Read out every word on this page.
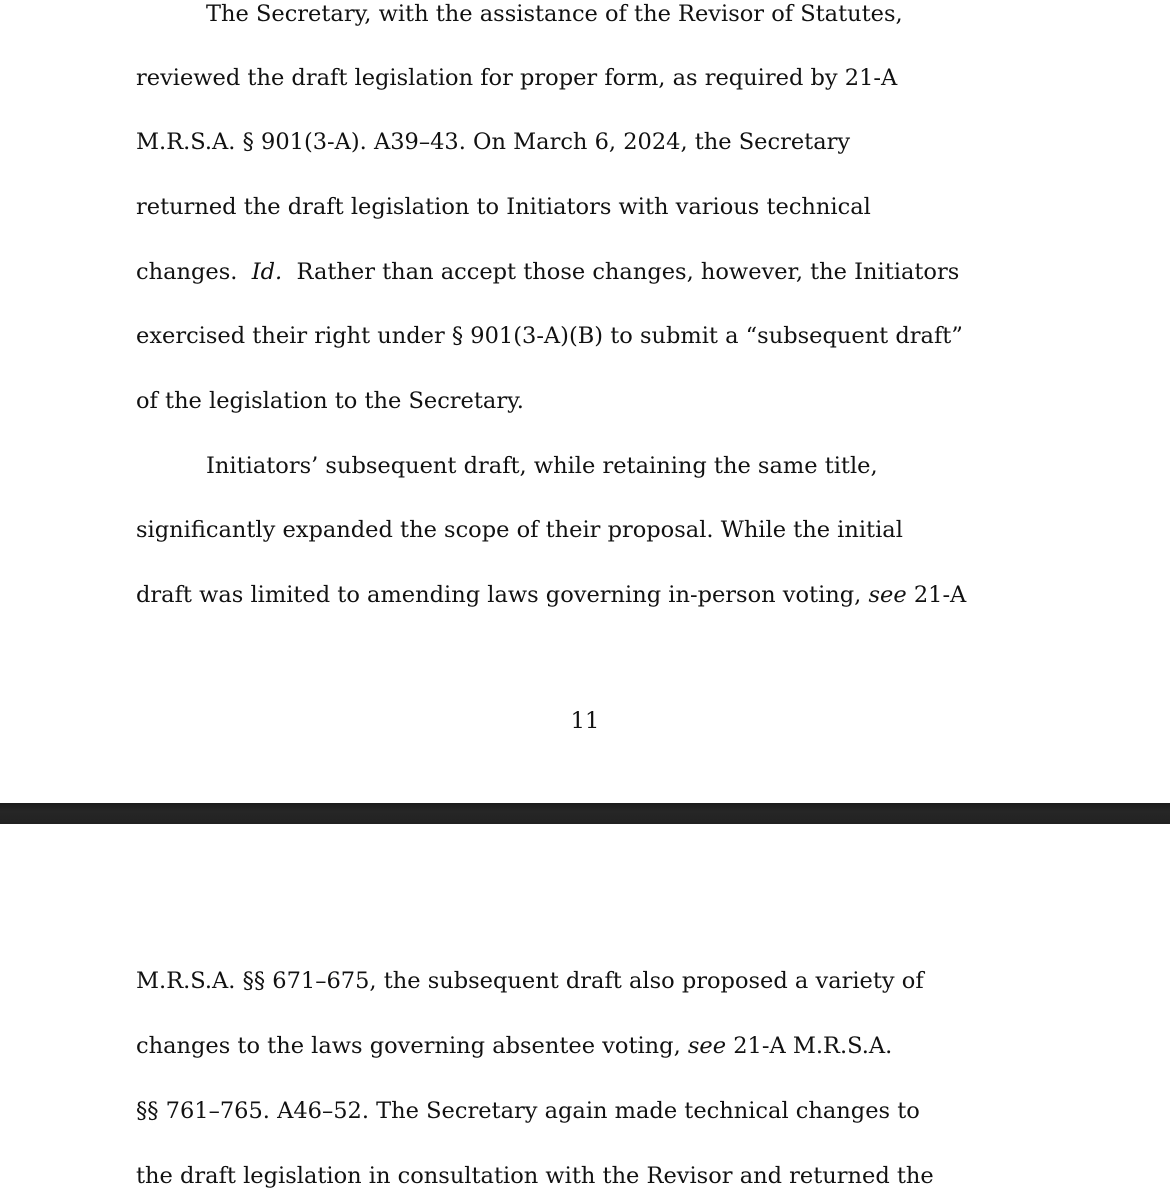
The Secretary, with the assistance of the Revisor of Statutes,
reviewed the draft legislation for proper form, as required by 21-A
M.R.S.A. § 901(3-A). A39–43. On March 6, 2024, the Secretary
returned the draft legislation to Initiators with various technical
changes.  Id.  Rather than accept those changes, however, the Initiators
exercised their right under § 901(3-A)(B) to submit a “subsequent draft”
of the legislation to the Secretary.
Initiators’ subsequent draft, while retaining the same title,
significantly expanded the scope of their proposal. While the initial
draft was limited to amending laws governing in-person voting, see 21-A
11
M.R.S.A. §§ 671–675, the subsequent draft also proposed a variety of
changes to the laws governing absentee voting, see 21-A M.R.S.A.
§§ 761–765. A46–52. The Secretary again made technical changes to
the draft legislation in consultation with the Revisor and returned the
